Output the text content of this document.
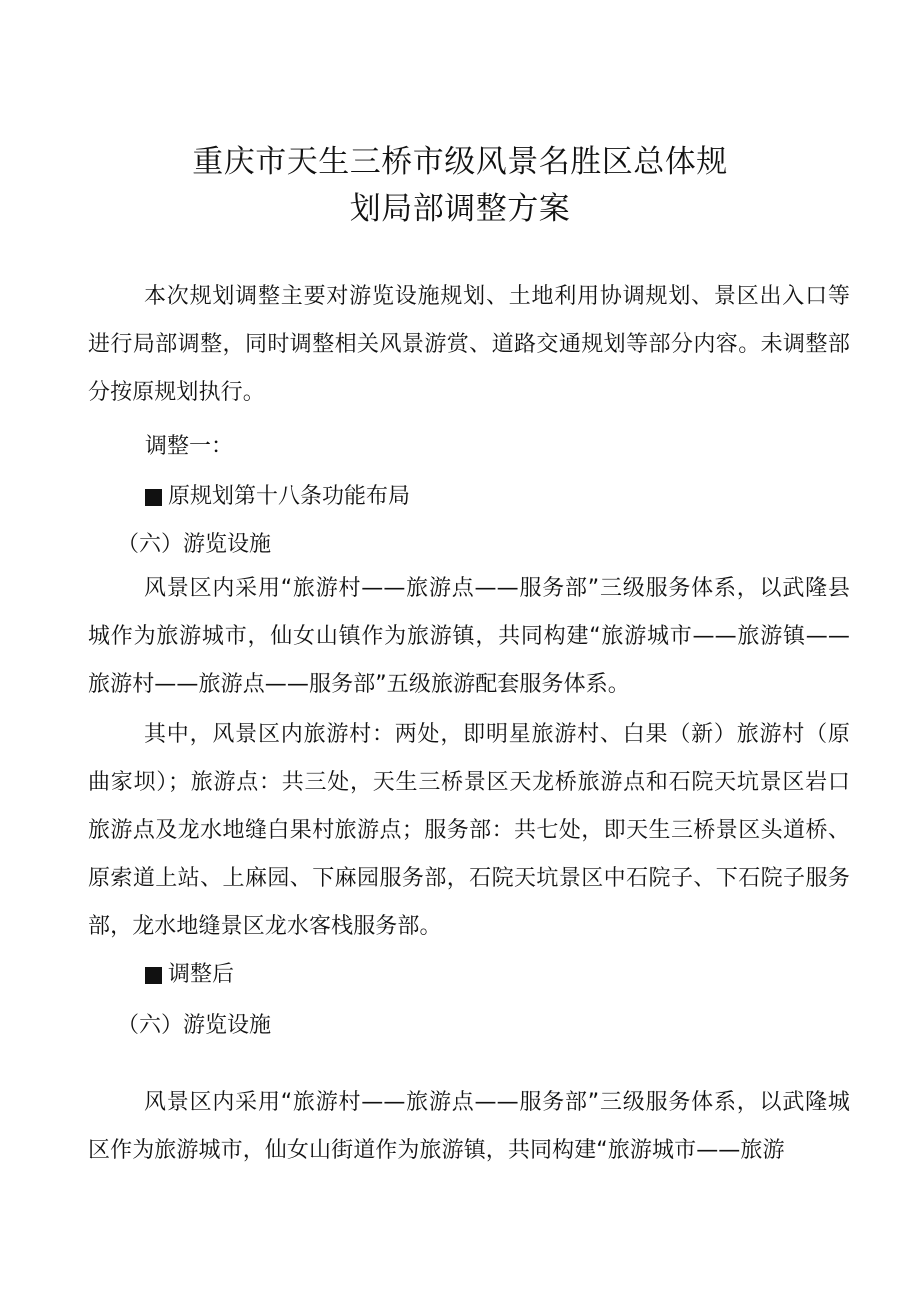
重庆市天生三桥市级风景名胜区总体规
划局部调整方案
本次规划调整主要对游览设施规划、土地利用协调规划、景区出入口等进行局部调整，同时调整相关风景游赏、道路交通规划等部分内容。未调整部分按原规划执行。
调整一：
原规划第十八条功能布局
（六）游览设施
风景区内采用“旅游村——旅游点——服务部”三级服务体系，以武隆县城作为旅游城市，仙女山镇作为旅游镇，共同构建“旅游城市——旅游镇——旅游村——旅游点——服务部”五级旅游配套服务体系。
其中，风景区内旅游村：两处，即明星旅游村、白果（新）旅游村（原曲家坝）；旅游点：共三处，天生三桥景区天龙桥旅游点和石院天坑景区岩口旅游点及龙水地缝白果村旅游点；服务部：共七处，即天生三桥景区头道桥、原索道上站、上麻园、下麻园服务部，石院天坑景区中石院子、下石院子服务部，龙水地缝景区龙水客栈服务部。
调整后
（六）游览设施
风景区内采用“旅游村——旅游点——服务部”三级服务体系，以武隆城区作为旅游城市，仙女山街道作为旅游镇，共同构建“旅游城市——旅游
